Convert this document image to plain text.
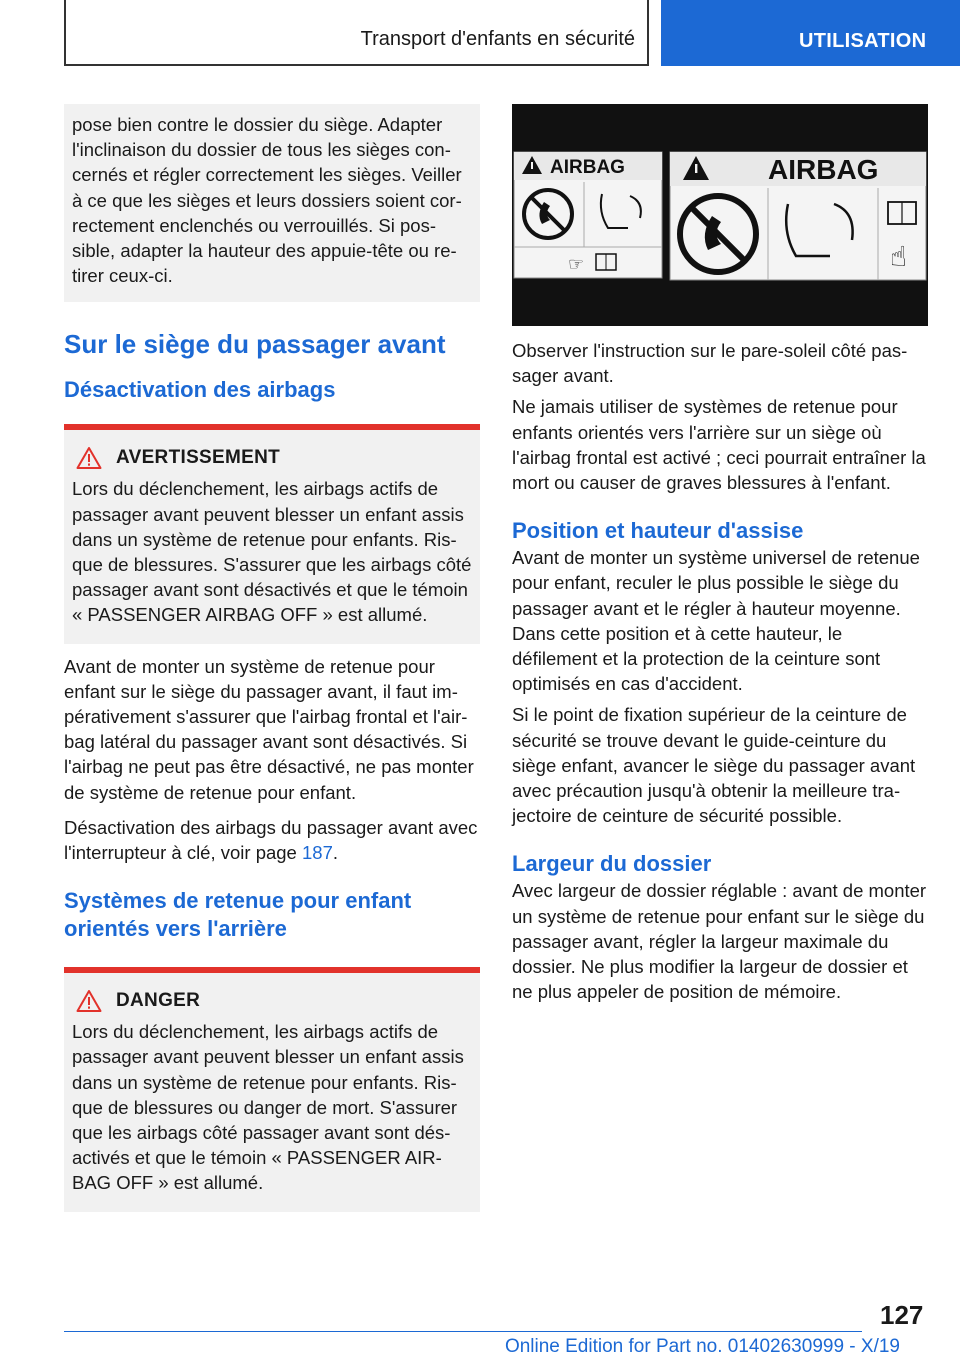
Transport d'enfants en sécurité	UTILISATION

pose bien contre le dossier du siège. Adapter l'inclinaison du dossier de tous les sièges concernés et régler correctement les sièges. Veiller à ce que les sièges et leurs dossiers soient correctement enclenchés ou verrouillés. Si possible, adapter la hauteur des appuie-tête ou retirer ceux-ci.

Sur le siège du passager avant
Désactivation des airbags
AVERTISSEMENT

Lors du déclenchement, les airbags actifs de passager avant peuvent blesser un enfant assis dans un système de retenue pour enfants. Risque de blessures. S'assurer que les airbags côté passager avant sont désactivés et que le témoin « PASSENGER AIRBAG OFF » est allumé.

Avant de monter un système de retenue pour enfant sur le siège du passager avant, il faut impérativement s'assurer que l'airbag frontal et l'airbag latéral du passager avant sont désactivés. Si l'airbag ne peut pas être désactivé, ne pas monter de système de retenue pour enfant.

Désactivation des airbags du passager avant avec l'interrupteur à clé, voir page 187.

Systèmes de retenue pour enfant orientés vers l'arrière
DANGER

Lors du déclenchement, les airbags actifs de passager avant peuvent blesser un enfant assis dans un système de retenue pour enfants. Risque de blessures ou danger de mort. S'assurer que les airbags côté passager avant sont désactivés et que le témoin « PASSENGER AIRBAG OFF » est allumé.

AIRBAG
☞
AIRBAG
☝

Observer l'instruction sur le pare-soleil côté passager avant.

Ne jamais utiliser de systèmes de retenue pour enfants orientés vers l'arrière sur un siège où l'airbag frontal est activé ; ceci pourrait entraîner la mort ou causer de graves blessures à l'enfant.

Position et hauteur d'assise

Avant de monter un système universel de retenue pour enfant, reculer le plus possible le siège du passager avant et le régler à hauteur moyenne. Dans cette position et à cette hauteur, le défilement et la protection de la ceinture sont optimisés en cas d'accident.

Si le point de fixation supérieur de la ceinture de sécurité se trouve devant le guide-ceinture du siège enfant, avancer le siège du passager avant avec précaution jusqu'à obtenir la meilleure trajectoire de ceinture de sécurité possible.

Largeur du dossier

Avec largeur de dossier réglable : avant de monter un système de retenue pour enfant sur le siège du passager avant, régler la largeur maximale du dossier. Ne plus modifier la largeur de dossier et ne plus appeler de position de mémoire.

127
Online Edition for Part no. 01402630999 - X/19
